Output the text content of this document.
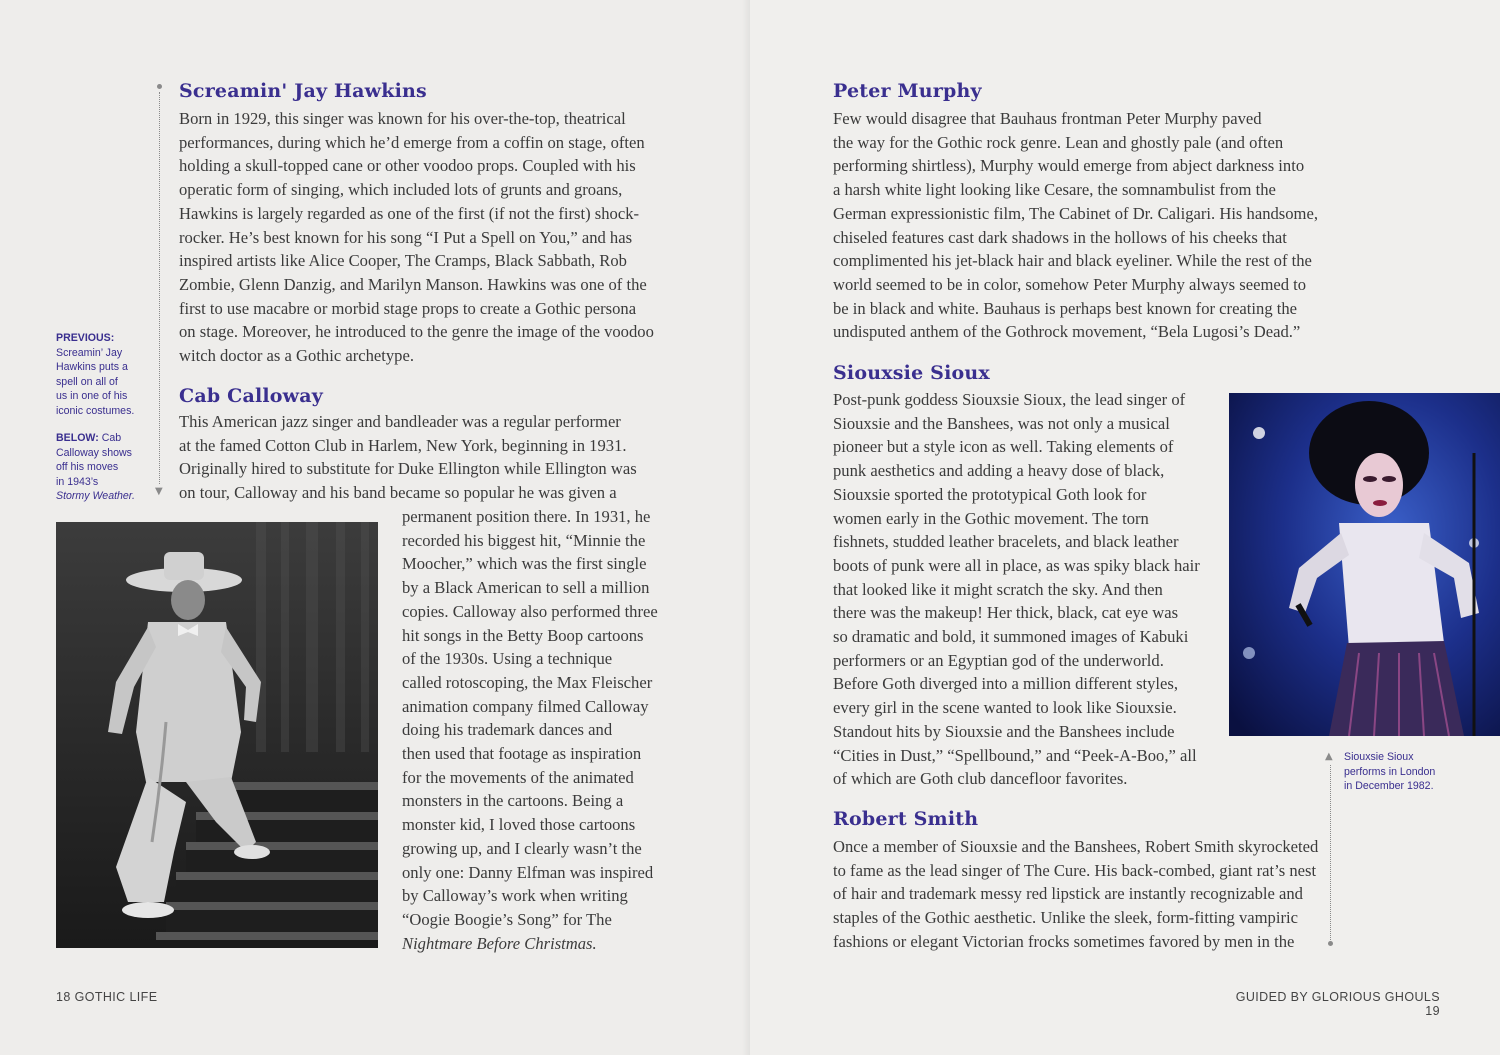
▼
Screamin' Jay Hawkins
Born in 1929, this singer was known for his over-the-top, theatrical
performances, during which he’d emerge from a coffin on stage, often
holding a skull-topped cane or other voodoo props. Coupled with his
operatic form of singing, which included lots of grunts and groans,
Hawkins is largely regarded as one of the first (if not the first) shock-
rocker. He’s best known for his song “I Put a Spell on You,” and has
inspired artists like Alice Cooper, The Cramps, Black Sabbath, Rob
Zombie, Glenn Danzig, and Marilyn Manson. Hawkins was one of the
first to use macabre or morbid stage props to create a Gothic persona
on stage. Moreover, he introduced to the genre the image of the voodoo
witch doctor as a Gothic archetype.
Cab Calloway
This American jazz singer and bandleader was a regular performer
at the famed Cotton Club in Harlem, New York, beginning in 1931.
Originally hired to substitute for Duke Ellington while Ellington was
on tour, Calloway and his band became so popular he was given a
permanent position there. In 1931, he
recorded his biggest hit, “Minnie the
Moocher,” which was the first single
by a Black American to sell a million
copies. Calloway also performed three
hit songs in the Betty Boop cartoons
of the 1930s. Using a technique
called rotoscoping, the Max Fleischer
animation company filmed Calloway
doing his trademark dances and
then used that footage as inspiration
for the movements of the animated
monsters in the cartoons. Being a
monster kid, I loved those cartoons
growing up, and I clearly wasn’t the
only one: Danny Elfman was inspired
by Calloway’s work when writing
“Oogie Boogie’s Song” for The
Nightmare Before Christmas.

PREVIOUS:
Screamin’ Jay
Hawkins puts a
spell on all of
us in one of his
iconic costumes.

BELOW: Cab
Calloway shows
off his moves
in 1943’s
Stormy Weather.

18 GOTHIC LIFE
Peter Murphy
Few would disagree that Bauhaus frontman Peter Murphy paved
the way for the Gothic rock genre. Lean and ghostly pale (and often
performing shirtless), Murphy would emerge from abject darkness into
a harsh white light looking like Cesare, the somnambulist from the
German expressionistic film, The Cabinet of Dr. Caligari. His handsome,
chiseled features cast dark shadows in the hollows of his cheeks that
complimented his jet-black hair and black eyeliner. While the rest of the
world seemed to be in color, somehow Peter Murphy always seemed to
be in black and white. Bauhaus is perhaps best known for creating the
undisputed anthem of the Gothrock movement, “Bela Lugosi’s Dead.”
Siouxsie Sioux
Post-punk goddess Siouxsie Sioux, the lead singer of
Siouxsie and the Banshees, was not only a musical
pioneer but a style icon as well. Taking elements of
punk aesthetics and adding a heavy dose of black,
Siouxsie sported the prototypical Goth look for
women early in the Gothic movement. The torn
fishnets, studded leather bracelets, and black leather
boots of punk were all in place, as was spiky black hair
that looked like it might scratch the sky. And then
there was the makeup! Her thick, black, cat eye was
so dramatic and bold, it summoned images of Kabuki
performers or an Egyptian god of the underworld.
Before Goth diverged into a million different styles,
every girl in the scene wanted to look like Siouxsie.
Standout hits by Siouxsie and the Banshees include
“Cities in Dust,” “Spellbound,” and “Peek-A-Boo,” all
of which are Goth club dancefloor favorites.
▲ Siouxsie Sioux
performs in London
in December 1982.
Robert Smith
Once a member of Siouxsie and the Banshees, Robert Smith skyrocketed
to fame as the lead singer of The Cure. His back-combed, giant rat’s nest
of hair and trademark messy red lipstick are instantly recognizable and
staples of the Gothic aesthetic. Unlike the sleek, form-fitting vampiric
fashions or elegant Victorian frocks sometimes favored by men in the
GUIDED BY GLORIOUS GHOULS 19
